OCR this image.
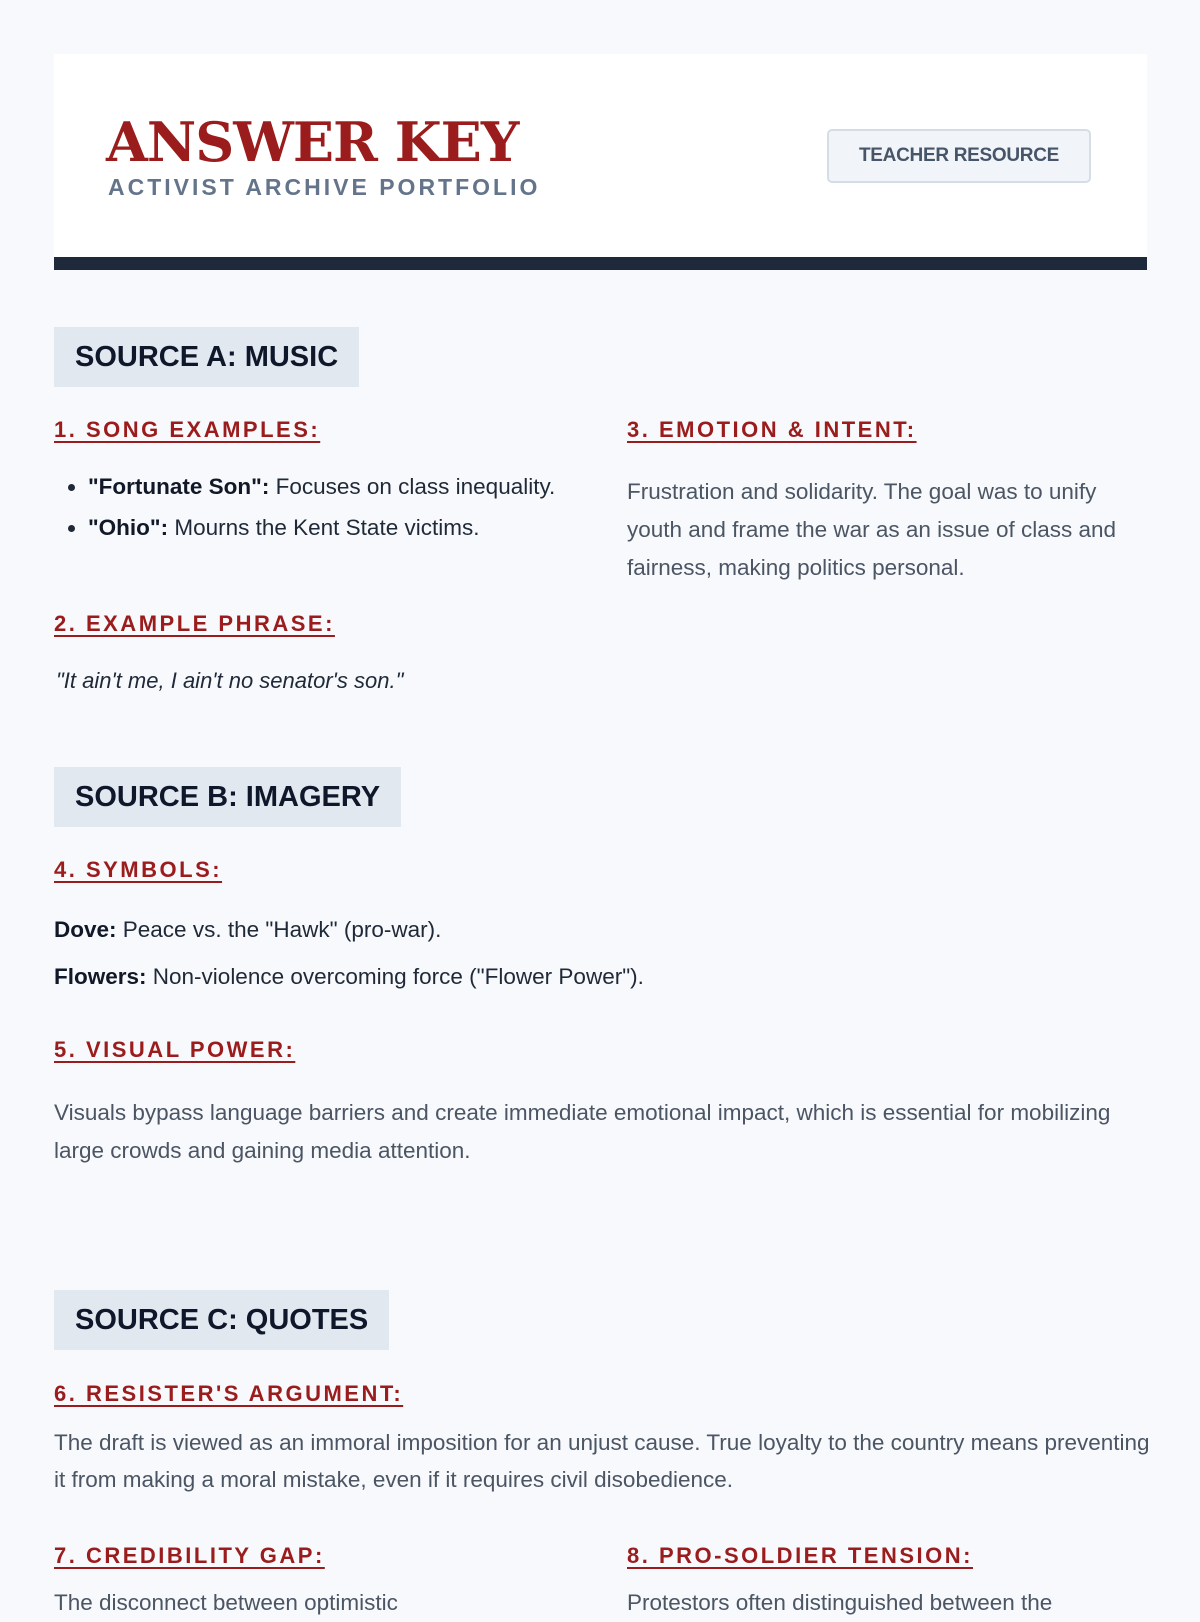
ANSWER KEY
ACTIVIST ARCHIVE PORTFOLIO
TEACHER RESOURCE
SOURCE A: MUSIC
1. SONG EXAMPLES:
• "Fortunate Son": Focuses on class inequality.
• "Ohio": Mourns the Kent State victims.
2. EXAMPLE PHRASE:
"It ain't me, I ain't no senator's son."
3. EMOTION & INTENT:
Frustration and solidarity. The goal was to unify youth and frame the war as an issue of class and fairness, making politics personal.
SOURCE B: IMAGERY
4. SYMBOLS:
Dove: Peace vs. the "Hawk" (pro-war).
Flowers: Non-violence overcoming force ("Flower Power").
5. VISUAL POWER:
Visuals bypass language barriers and create immediate emotional impact, which is essential for mobilizing large crowds and gaining media attention.
SOURCE C: QUOTES
6. RESISTER'S ARGUMENT:
The draft is viewed as an immoral imposition for an unjust cause. True loyalty to the country means preventing it from making a moral mistake, even if it requires civil disobedience.
7. CREDIBILITY GAP:
The disconnect between optimistic
8. PRO-SOLDIER TENSION:
Protestors often distinguished between the
